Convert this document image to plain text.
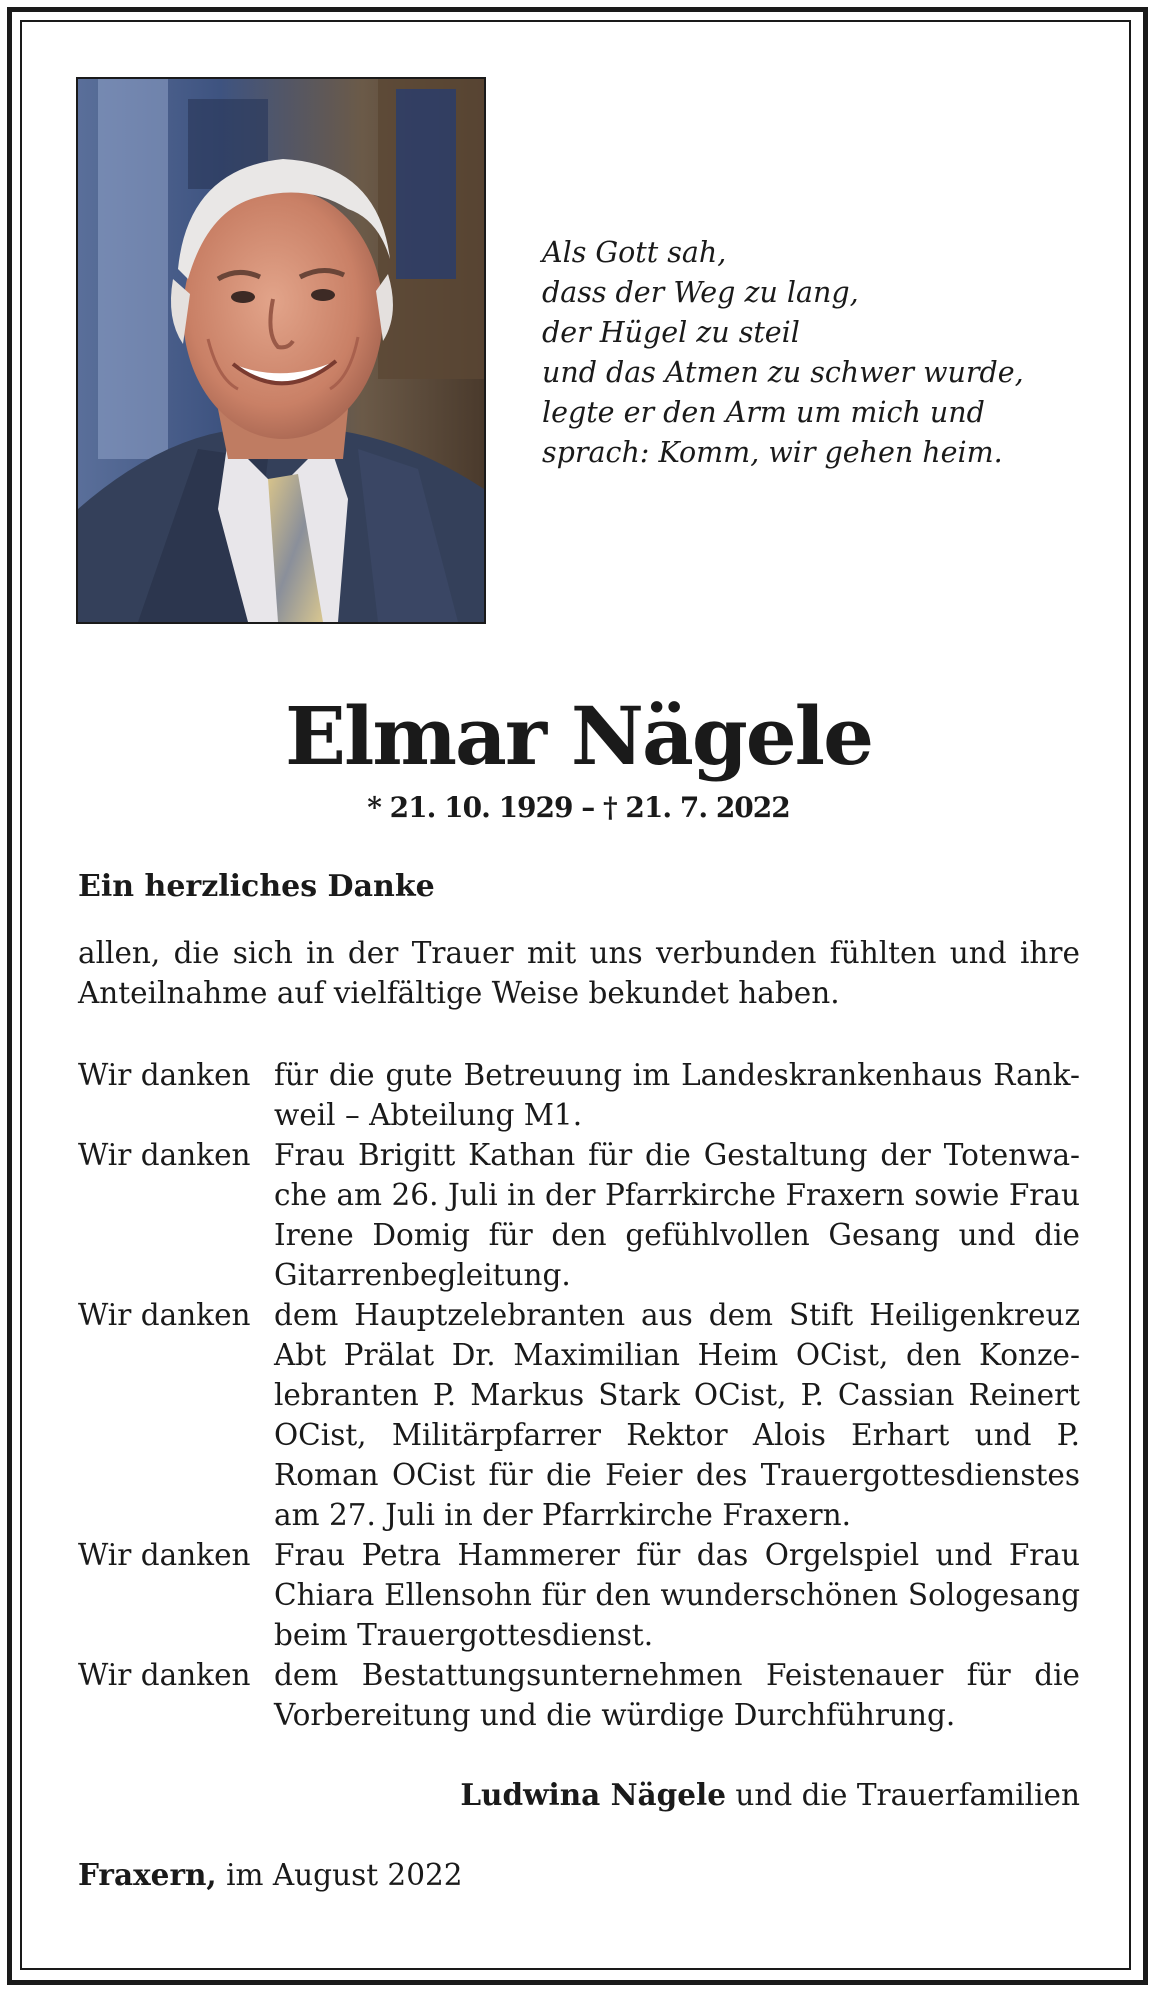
Als Gott sah,
dass der Weg zu lang,
der Hügel zu steil
und das Atmen zu schwer wurde,
legte er den Arm um mich und
sprach: Komm, wir gehen heim.
Elmar Nägele
* 21. 10. 1929 – † 21. 7. 2022
Ein herzliches Danke
allen, die sich in der Trauer mit uns verbunden fühlten und ihre Anteilnahme auf vielfältige Weise bekundet haben.
Wir danken für die gute Betreuung im Landeskrankenhaus Rank-
weil – Abteilung M1.
Wir danken Frau Brigitt Kathan für die Gestaltung der Totenwa-
che am 26. Juli in der Pfarrkirche Fraxern sowie Frau
Irene Domig für den gefühlvollen Gesang und die
Gitarrenbegleitung.
Wir danken dem Hauptzelebranten aus dem Stift Heiligenkreuz
Abt Prälat Dr. Maximilian Heim OCist, den Konze-
lebranten P. Markus Stark OCist, P. Cassian Reinert
OCist, Militärpfarrer Rektor Alois Erhart und P.
Roman OCist für die Feier des Trauergottesdienstes
am 27. Juli in der Pfarrkirche Fraxern.
Wir danken Frau Petra Hammerer für das Orgelspiel und Frau
Chiara Ellensohn für den wunderschönen Sologesang
beim Trauergottesdienst.
Wir danken dem Bestattungsunternehmen Feistenauer für die
Vorbereitung und die würdige Durchführung.
Ludwina Nägele und die Trauerfamilien
Fraxern, im August 2022
